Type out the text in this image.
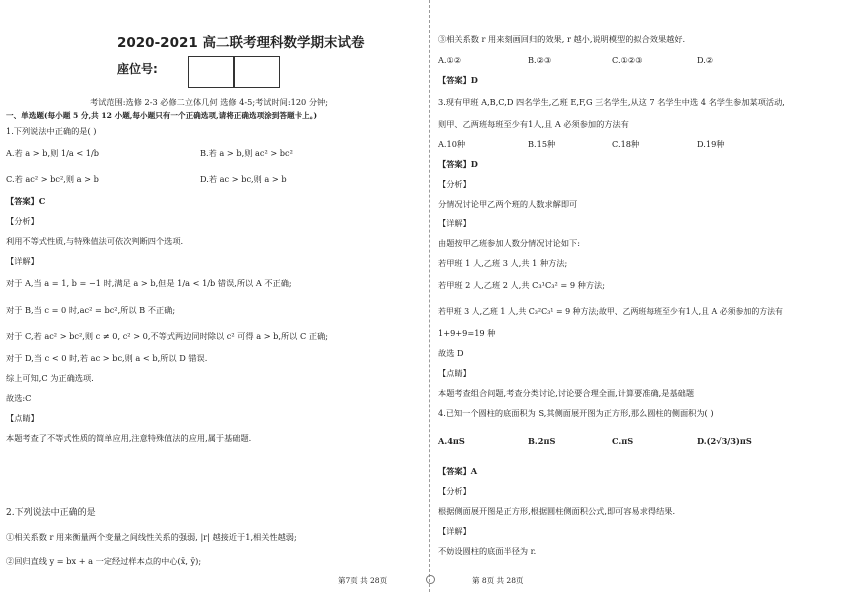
2020-2021 高二联考理科数学期末试卷
座位号:
考试范围:选修 2-3 必修二立体几何 选修 4-5;考试时间:120 分钟;
一、单选题(每小题 5 分,共 12 小题,每小题只有一个正确选项,请将正确选项涂到答题卡上。)
1.下列说法中正确的是( )
A.若 a > b,则 1/a < 1/b	B.若 a > b,则 ac² > bc²
C.若 ac² > bc²,则 a > b	D.若 ac > bc,则 a > b
【答案】C
【分析】
利用不等式性质,与特殊值法可依次判断四个选项.
【详解】
对于 A,当 a = 1, b = −1 时,满足 a > b,但是 1/a < 1/b 错误,所以 A 不正确;
对于 B,当 c = 0 时,ac² = bc²,所以 B 不正确;
对于 C,若 ac² > bc²,则 c ≠ 0, c² > 0,不等式两边同时除以 c² 可得 a > b,所以 C 正确;
对于 D,当 c < 0 时,若 ac > bc,则 a < b,所以 D 错误.
综上可知,C 为正确选项.
故选:C
【点睛】
本题考查了不等式性质的简单应用,注意特殊值法的应用,属于基础题.
2.下列说法中正确的是
①相关系数 r 用来衡量两个变量之间线性关系的强弱, |r| 越接近于1,相关性越弱;
②回归直线 y = bx + a 一定经过样本点的中心(x̄, ȳ);
第7页 共 28页
③相关系数 r 用来刻画回归的效果, r 越小,说明模型的拟合效果越好.
A.①②	B.②③	C.①②③	D.②
【答案】D
3.现有甲班 A,B,C,D 四名学生,乙班 E,F,G 三名学生,从这 7 名学生中选 4 名学生参加某项活动,
则甲、乙两班每班至少有1人,且 A 必须参加的方法有
A.10种	B.15种	C.18种	D.19种
【答案】D
【分析】
分情况讨论甲乙两个班的人数求解即可
【详解】
由题按甲乙班参加人数分情况讨论如下:
若甲班 1 人,乙班 3 人,共 1 种方法;
若甲班 2 人,乙班 2 人,共 C₃¹C₃² = 9 种方法;
若甲班 3 人,乙班 1 人,共 C₃²C₃¹ = 9 种方法;故甲、乙两班每班至少有1人,且 A 必须参加的方法有
1+9+9=19 种
故选 D
【点睛】
本题考查组合问题,考查分类讨论,讨论要合理全面,计算要准确,是基础题
4.已知一个圆柱的底面积为 S,其侧面展开图为正方形,那么圆柱的侧面积为( )
A.4πS	B.2πS	C.πS	D.(2√3/3)πS
【答案】A
【分析】
根据侧面展开图是正方形,根据圆柱侧面积公式,即可容易求得结果.
【详解】
不妨设圆柱的底面半径为 r.
第 8页 共 28页
